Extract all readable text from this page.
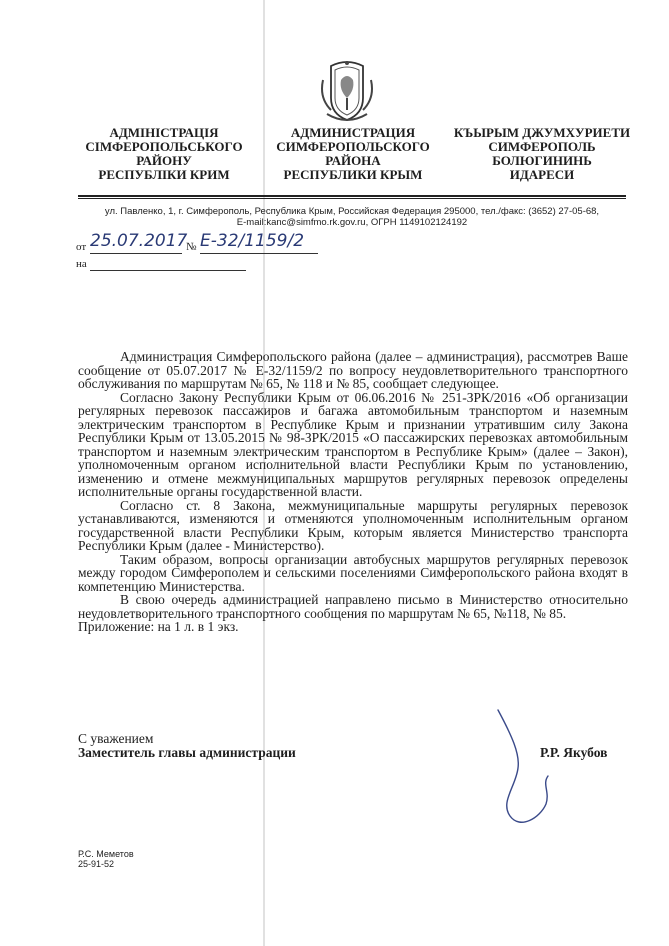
АДМІНІСТРАЦІЯ
СІМФЕРОПОЛЬСЬКОГО
РАЙОНУ
РЕСПУБЛІКИ КРИМ
АДМИНИСТРАЦИЯ
СИМФЕРОПОЛЬСКОГО
РАЙОНА
РЕСПУБЛИКИ КРЫМ
КЪЫРЫМ ДЖУМХУРИЕТИ
СИМФЕРОПОЛЬ
БОЛЮГИНИНЬ
ИДАРЕСИ
ул. Павленко, 1, г. Симферополь, Республика Крым, Российская Федерация 295000, тел./факс: (3652) 27-05-68,
E-mail:kanc@simfmo.rk.gov.ru, ОГРН 1149102124192
от	№
25.07.2017 Е-32/1159/2
на

Администрация Симферопольского района (далее – администрация), рассмотрев Ваше сообщение от 05.07.2017 № Е-32/1159/2 по вопросу неудовлетворительного транспортного обслуживания по маршрутам № 65, № 118 и № 85, сообщает следующее.

Согласно Закону Республики Крым от 06.06.2016 № 251-ЗРК/2016 «Об организации регулярных перевозок пассажиров и багажа автомобильным транспортом и наземным электрическим транспортом в Республике Крым и признании утратившим силу Закона Республики Крым от 13.05.2015 № 98-ЗРК/2015 «О пассажирских перевозках автомобильным транспортом и наземным электрическим транспортом в Республике Крым» (далее – Закон), уполномоченным органом исполнительной власти Республики Крым по установлению, изменению и отмене межмуниципальных маршрутов регулярных перевозок определены исполнительные органы государственной власти.

Согласно ст. 8 Закона, межмуниципальные маршруты регулярных перевозок устанавливаются, изменяются и отменяются уполномоченным исполнительным органом государственной власти Республики Крым, которым является Министерство транспорта Республики Крым (далее - Министерство).

Таким образом, вопросы организации автобусных маршрутов регулярных перевозок между городом Симферополем и сельскими поселениями Симферопольского района входят в компетенцию Министерства.

В свою очередь администрацией направлено письмо в Министерство относительно неудовлетворительного транспортного сообщения по маршрутам № 65, №118, № 85.

Приложение: на 1 л. в 1 экз.

С уважением
Заместитель главы администрации	Р.Р. Якубов
Р.С. Меметов
25-91-52
